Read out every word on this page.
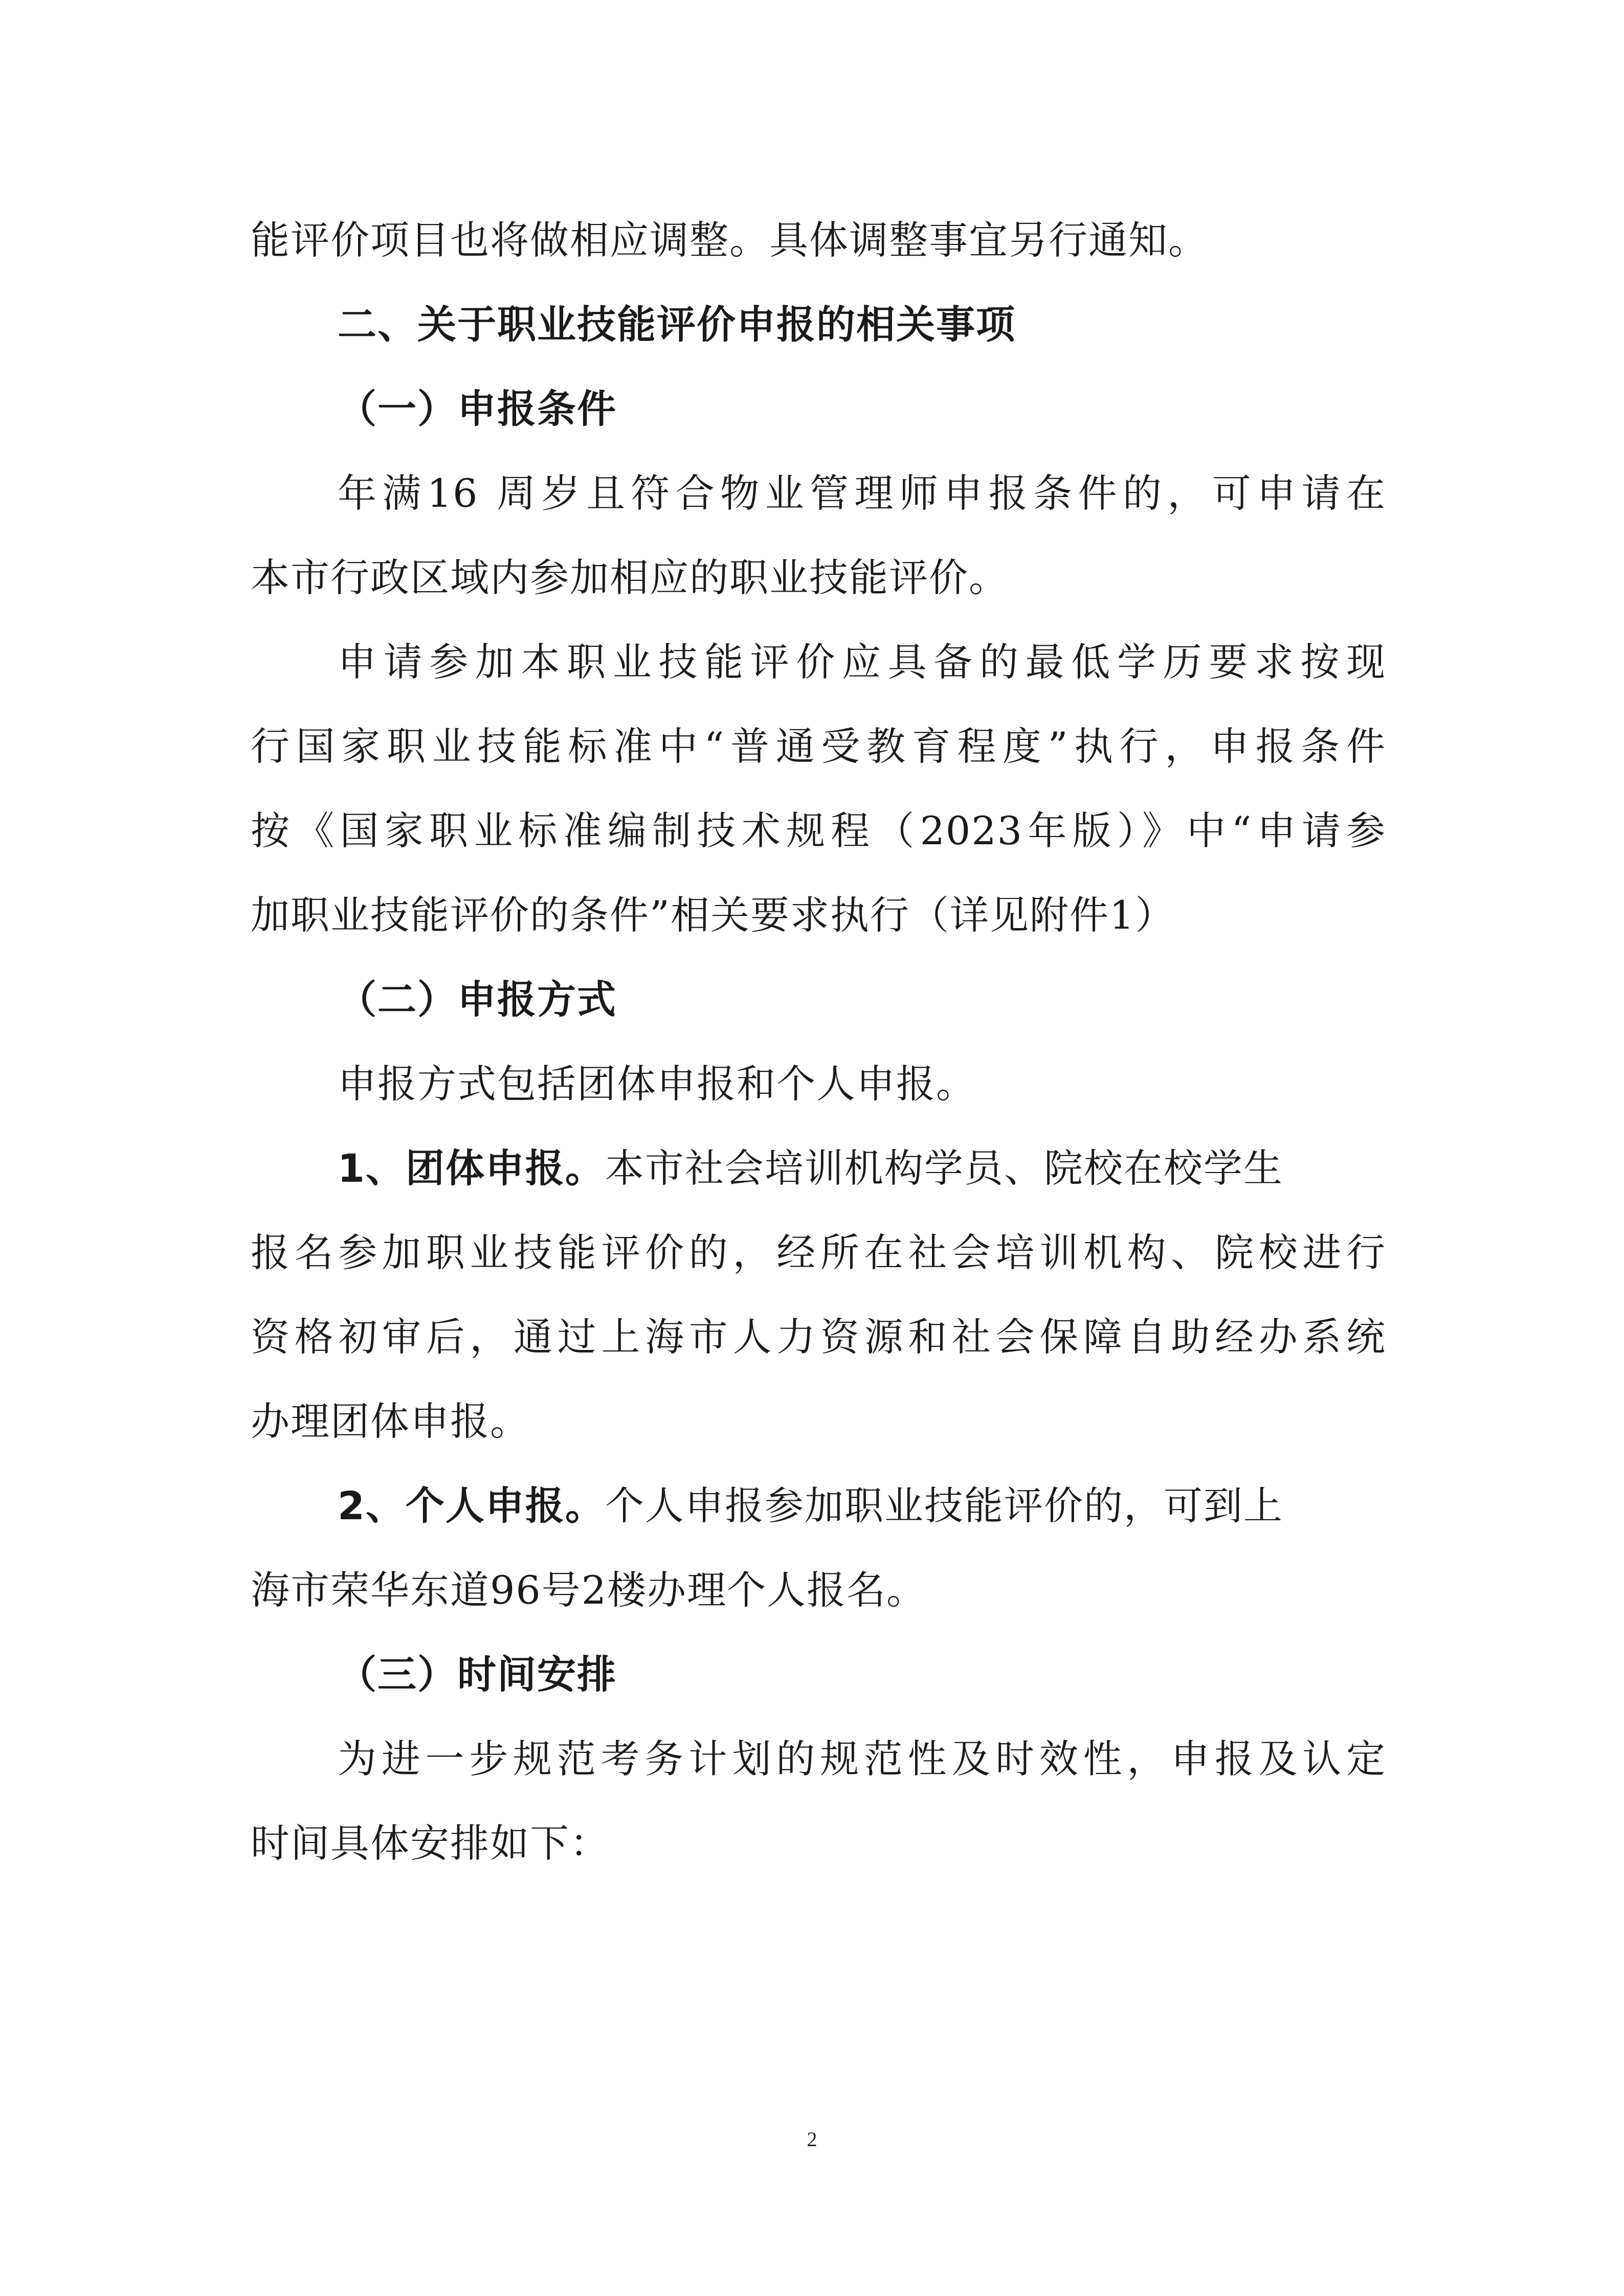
能评价项目也将做相应调整。具体调整事宜另行通知。
二、关于职业技能评价申报的相关事项
（一）申报条件
年满16 周岁且符合物业管理师申报条件的，可申请在
本市行政区域内参加相应的职业技能评价。
申请参加本职业技能评价应具备的最低学历要求按现
行国家职业技能标准中“普通受教育程度”执行，申报条件
按《国家职业标准编制技术规程（2023年版）》中“申请参
加职业技能评价的条件”相关要求执行（详见附件1）
（二）申报方式
申报方式包括团体申报和个人申报。
1、团体申报。本市社会培训机构学员、院校在校学生
报名参加职业技能评价的，经所在社会培训机构、院校进行
资格初审后，通过上海市人力资源和社会保障自助经办系统
办理团体申报。
2、个人申报。个人申报参加职业技能评价的，可到上
海市荣华东道96号2楼办理个人报名。
（三）时间安排
为进一步规范考务计划的规范性及时效性，申报及认定
时间具体安排如下：
2
